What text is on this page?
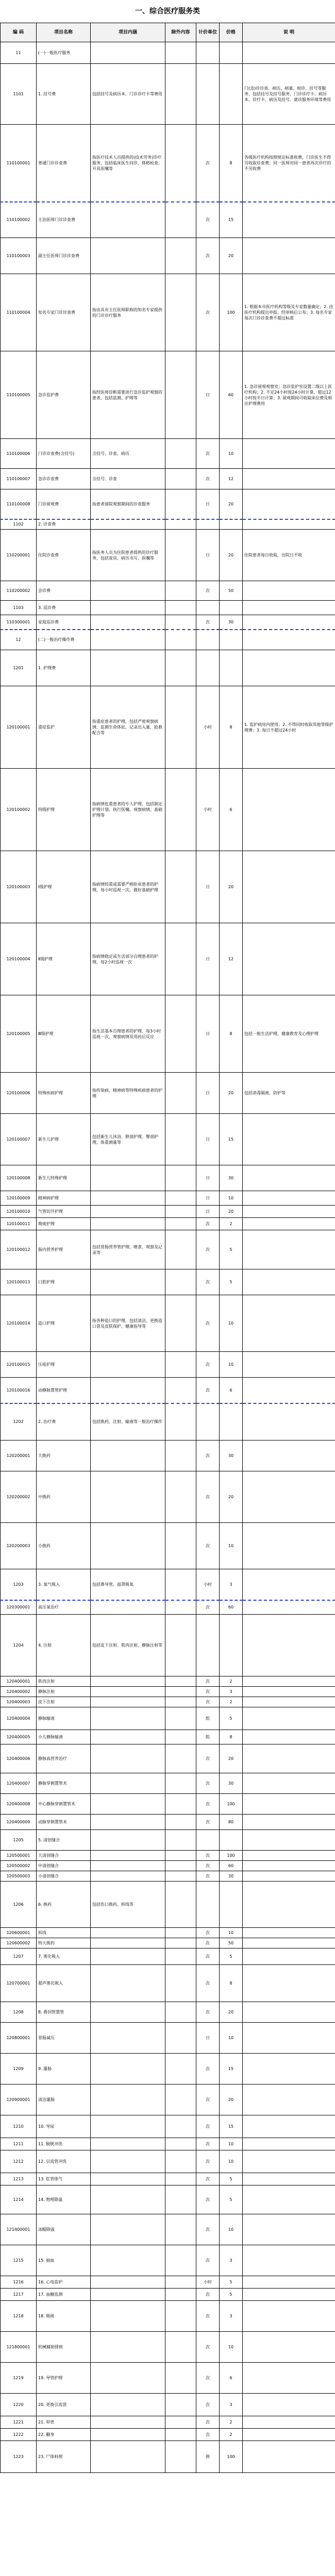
一、综合医疗服务类
编 码	项目名称	项目内涵	除外内容	计价单位	价格	说 明
11	(一)一般医疗服务					
1101	1. 挂号费	包括挂号及病历本、门诊诊疗卡等费用				门(急)诊诊查、病历、病案、候诊、挂号等服务，包括挂号及挂号服务、门诊诊疗卡、病历本、诊疗卡、病历及挂号、就诊服务环境等费用
110100001	普通门诊诊查费	指医疗技术人员提供的(技术劳务)诊疗服务，包括临床医生问诊、体格检查、开具医嘱等		次	8	各级医疗机构按照规定标准收费，门诊医生不得另收取诊查费；同一医师对同一患者再次诊疗的不另收费
110100002	主治医师门诊诊查费			次	15	
110100003	副主任医师门诊诊查费			次	20	
110100004	知名专家门诊诊查费	指由具有主任医师职称的知名专家提供的门诊诊疗服务		次	100	1. 根据本市医疗机构等级及专家数量确定；2. 由医疗机构提出申报，经审核后公布；3. 每名专家每次门诊诊查费不超过标准
110100005	急诊监护费	指经医师诊断需要进行急诊监护观察的患者，包括监测、护理等		日	60	1. 急诊留观观察室；急诊监护室设置二级以上医疗机构；2. 不足24小时按24小时计算，超过12小时按半日计算；3. 留观期间可收取床位费及相应护理费用
110100006	门诊诊查费(含挂号)	含挂号、诊查、病历		次	10	
110100007	急诊诊查费	含挂号、诊查		次	12	
110100008	门诊留观费	指患者留院观察期间的诊查服务		日	20	
1102	2. 诊查费					
110200001	住院诊查费	指医务人员为住院患者提供的诊疗服务，包括查房、病历书写、医嘱等		日	20	住院患者每日收取，出院日不收
110200002	会诊费			次	50	
1103	3. 巡诊费					
110300001	家庭巡诊费			次	30	
12	(二)一般治疗操作费					
1201	1. 护理费					
120100001	重症监护	指重症患者的护理，包括严密观察病情、监测生命体征、记录出入量、抢救配合等		小时	8	1. 监护病房内使用；2. 不得同时收取其他等级护理费；3. 每日不超过24小时
120100002	特级护理	指病情危重患者的专人护理，包括制定护理计划、执行医嘱、观察病情、基础护理等		小时	6	
120100003	Ⅰ级护理	指病情较重或需要严格卧床患者的护理，每小时巡视一次，做好基础护理		日	20	
120100004	Ⅱ级护理	指病情稳定或生活部分自理患者的护理，每2小时巡视一次		日	12	
120100005	Ⅲ级护理	指生活基本自理患者的护理，每3小时巡视一次，观察病情及用药后反应		日	8	包括一般生活护理、健康教育及心理护理
120100006	特殊疾病护理	指传染病、精神病等特殊疾病患者的护理		日	20	包括消毒隔离、防护等
120100007	新生儿护理	包括新生儿沐浴、脐部护理、臀部护理、体重测量等		日	15	
120100008	新生儿特殊护理			日	30	
120100009	精神病护理			日	10	
120100010	气管切开护理			日	20	
120100011	吸痰护理			次	2	
120100012	肠内营养护理	包括胃肠营养管护理、喂食、观察及记录等		次	5	
120100013	口腔护理			次	5	
120100014	造口护理	指各种造口的护理，包括清洁、更换造口袋及皮肤保护、健康指导等		次	10	
120100015	压疮护理			次	10	
120100016	动静脉置管护理			次	6	
1202	2. 治疗费	包括换药、注射、输液等一般治疗操作				
120200001	大换药			次	30	
120200002	中换药			次	20	
120200003	小换药			次	10	
1203	3. 氧气吸入	包括鼻导管、面罩吸氧		小时	3	
120300001	高压氧治疗			次	60	
1204	4. 注射	包括皮下注射、肌肉注射、静脉注射等				
120400001	肌肉注射			次	2	
120400002	静脉注射			次	3	
120400003	皮下注射			次	2	
120400004	静脉输液			组	5	
120400005	小儿静脉输液			组	8	
120400006	静脉高营养治疗			次	20	
120400007	静脉穿刺置管术			次	30	
120400008	中心静脉穿刺置管术			次	100	
120400009	动脉穿刺置管术			次	80	
1205	5. 清创缝合					
120500001	大清创缝合			次	100	
120500002	中清创缝合			次	60	
120500003	小清创缝合			次	30	
1206	6. 换药	包括伤口换药、拆线等				
120600001	拆线			次	10	
120600002	特大换药			次	50	
1207	7. 雾化吸入			次	5	
120700001	超声雾化吸入			次	8	
1208	8. 鼻饲管置管			次	20	
120800001	胃肠减压			日	10	
1209	9. 灌肠			次	15	
120900001	清洁灌肠			次	20	
1210	10. 导尿			次	15	
1211	11. 膀胱冲洗			次	10	
1212	12. 引流管冲洗			次	10	
1213	13. 肛管排气			次	5	
1214	14. 物理降温			次	5	
121400001	冰帽降温			次	10	
1215	15. 抽血			次	3	
1216	16. 心电监护			小时	5	
1217	17. 血糖监测			次	5	
1218	18. 吸痰			次	3	
121800001	机械辅助排痰			次	10	
1219	19. 导管护理			次	6	
1220	20. 更换引流袋			次	3	
1221	21. 叩背			次	2	
1222	22. 翻身			次	2	
1223	23. 尸体料理			例	100	
